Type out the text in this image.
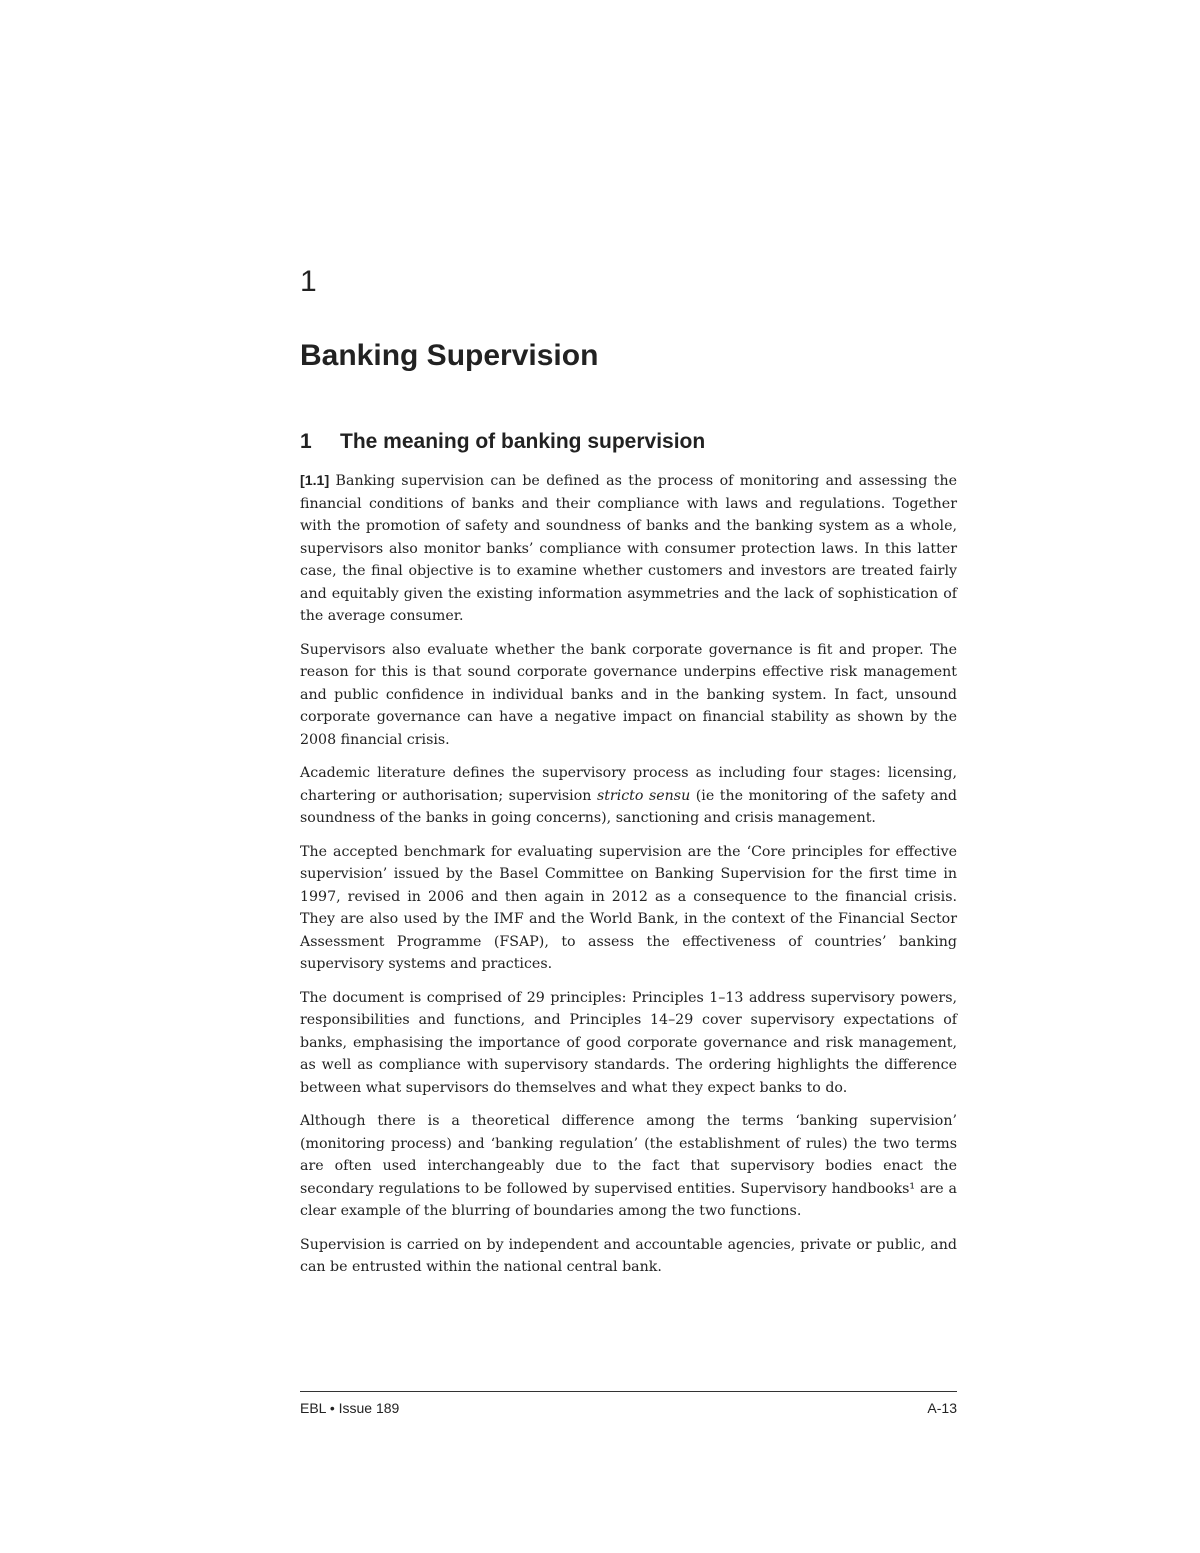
1
Banking Supervision
1 The meaning of banking supervision

[1.1] Banking supervision can be defined as the process of monitoring and assessing the financial conditions of banks and their compliance with laws and regulations. Together with the promotion of safety and soundness of banks and the banking system as a whole, supervisors also monitor banks’ compliance with consumer protection laws. In this latter case, the final objective is to examine whether customers and investors are treated fairly and equitably given the existing information asymmetries and the lack of sophistication of the average consumer.

Supervisors also evaluate whether the bank corporate governance is fit and proper. The reason for this is that sound corporate governance underpins effective risk management and public confidence in individual banks and in the banking system. In fact, unsound corporate governance can have a negative impact on financial stability as shown by the 2008 financial crisis.

Academic literature defines the supervisory process as including four stages: licensing, chartering or authorisation; supervision stricto sensu (ie the monitoring of the safety and soundness of the banks in going concerns), sanctioning and crisis management.

The accepted benchmark for evaluating supervision are the ‘Core principles for effective supervision’ issued by the Basel Committee on Banking Supervision for the first time in 1997, revised in 2006 and then again in 2012 as a consequence to the financial crisis. They are also used by the IMF and the World Bank, in the context of the Financial Sector Assessment Programme (FSAP), to assess the effectiveness of countries’ banking supervisory systems and practices.

The document is comprised of 29 principles: Principles 1–13 address supervisory powers, responsibilities and functions, and Principles 14–29 cover supervisory expectations of banks, emphasising the importance of good corporate governance and risk management, as well as compliance with supervisory standards. The ordering highlights the difference between what supervisors do themselves and what they expect banks to do.

Although there is a theoretical difference among the terms ‘banking supervision’ (monitoring process) and ‘banking regulation’ (the establishment of rules) the two terms are often used interchangeably due to the fact that supervisory bodies enact the secondary regulations to be followed by supervised entities. Supervisory handbooks¹ are a clear example of the blurring of boundaries among the two functions.

Supervision is carried on by independent and accountable agencies, private or public, and can be entrusted within the national central bank.

EBL • Issue 189	A-13
